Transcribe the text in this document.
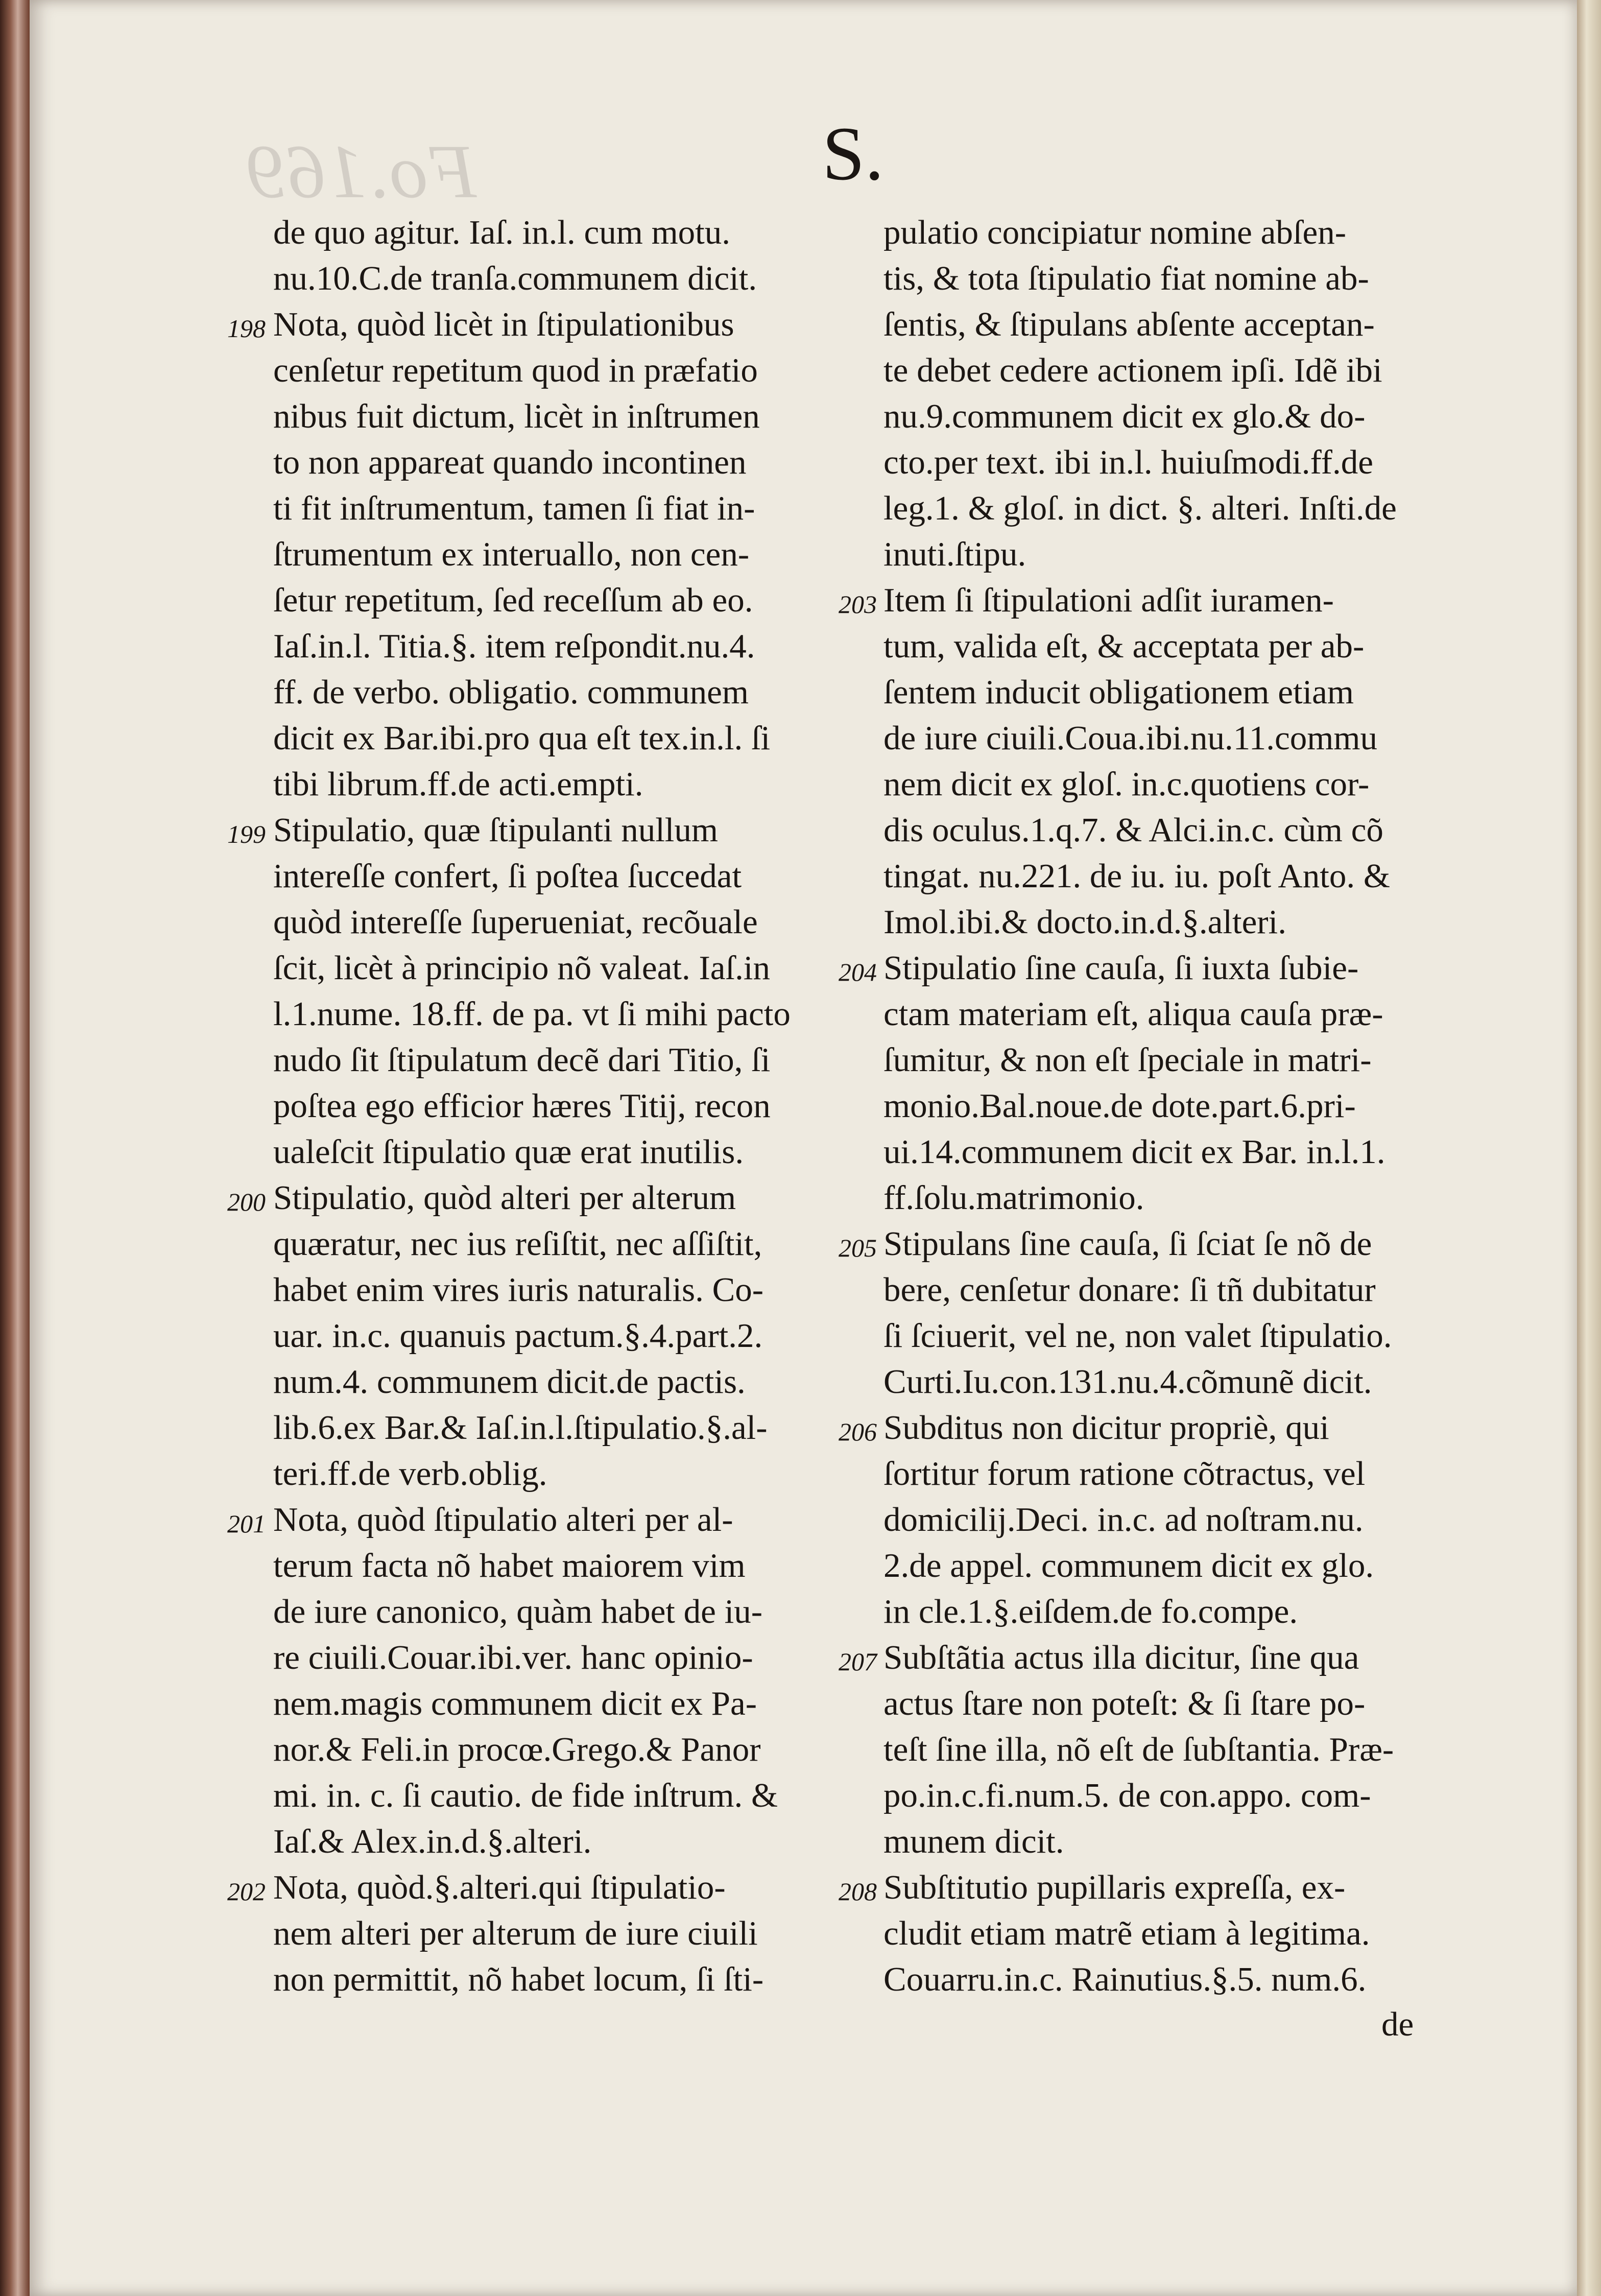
Fo.169	S.
de quo agitur. Iaſ. in.l. cum motu.
nu.10.C.de tranſa.communem dicit.
198 Nota, quòd licèt in ſtipulationibus
cenſetur repetitum quod in præfatio
nibus fuit dictum, licèt in inſtrumen
to non appareat quando incontinen
ti fit inſtrumentum, tamen ſi fiat in-
ſtrumentum ex interuallo, non cen-
ſetur repetitum, ſed receſſum ab eo.
Iaſ.in.l. Titia.§. item reſpondit.nu.4.
ff. de verbo. obligatio. communem
dicit ex Bar.ibi.pro qua eſt tex.in.l. ſi
tibi librum.ff.de acti.empti.
199 Stipulatio, quæ ſtipulanti nullum
intereſſe confert, ſi poſtea ſuccedat
quòd intereſſe ſuperueniat, recõuale
ſcit, licèt à principio nõ valeat. Iaſ.in
l.1.nume. 18.ff. de pa. vt ſi mihi pacto
nudo ſit ſtipulatum decẽ dari Titio, ſi
poſtea ego efficior hæres Titij, recon
ualeſcit ſtipulatio quæ erat inutilis.
200 Stipulatio, quòd alteri per alterum
quæratur, nec ius reſiſtit, nec aſſiſtit,
habet enim vires iuris naturalis. Co-
uar. in.c. quanuis pactum.§.4.part.2.
num.4. communem dicit.de pactis.
lib.6.ex Bar.& Iaſ.in.l.ſtipulatio.§.al-
teri.ff.de verb.oblig.
201 Nota, quòd ſtipulatio alteri per al-
terum facta nõ habet maiorem vim
de iure canonico, quàm habet de iu-
re ciuili.Couar.ibi.ver. hanc opinio-
nem.magis communem dicit ex Pa-
nor.& Feli.in procœ.Grego.& Panor
mi. in. c. ſi cautio. de fide inſtrum. &
Iaſ.& Alex.in.d.§.alteri.
202 Nota, quòd.§.alteri.qui ſtipulatio-
nem alteri per alterum de iure ciuili
non permittit, nõ habet locum, ſi ſti-
pulatio concipiatur nomine abſen-
tis, & tota ſtipulatio fiat nomine ab-
ſentis, & ſtipulans abſente acceptan-
te debet cedere actionem ipſi. Idẽ ibi
nu.9.communem dicit ex glo.& do-
cto.per text. ibi in.l. huiuſmodi.ff.de
leg.1. & gloſ. in dict. §. alteri. Inſti.de
inuti.ſtipu.
203 Item ſi ſtipulationi adſit iuramen-
tum, valida eſt, & acceptata per ab-
ſentem inducit obligationem etiam
de iure ciuili.Coua.ibi.nu.11.commu
nem dicit ex gloſ. in.c.quotiens cor-
dis oculus.1.q.7. & Alci.in.c. cùm cõ
tingat. nu.221. de iu. iu. poſt Anto. &
Imol.ibi.& docto.in.d.§.alteri.
204 Stipulatio ſine cauſa, ſi iuxta ſubie-
ctam materiam eſt, aliqua cauſa præ-
ſumitur, & non eſt ſpeciale in matri-
monio.Bal.noue.de dote.part.6.pri-
ui.14.communem dicit ex Bar. in.l.1.
ff.ſolu.matrimonio.
205 Stipulans ſine cauſa, ſi ſciat ſe nõ de
bere, cenſetur donare: ſi tñ dubitatur
ſi ſciuerit, vel ne, non valet ſtipulatio.
Curti.Iu.con.131.nu.4.cõmunẽ dicit.
206 Subditus non dicitur propriè, qui
ſortitur forum ratione cõtractus, vel
domicilij.Deci. in.c. ad noſtram.nu.
2.de appel. communem dicit ex glo.
in cle.1.§.eiſdem.de fo.compe.
207 Subſtãtia actus illa dicitur, ſine qua
actus ſtare non poteſt: & ſi ſtare po-
teſt ſine illa, nõ eſt de ſubſtantia. Præ-
po.in.c.fi.num.5. de con.appo. com-
munem dicit.
208 Subſtitutio pupillaris expreſſa, ex-
cludit etiam matrẽ etiam à legitima.
Couarru.in.c. Rainutius.§.5. num.6.
de
